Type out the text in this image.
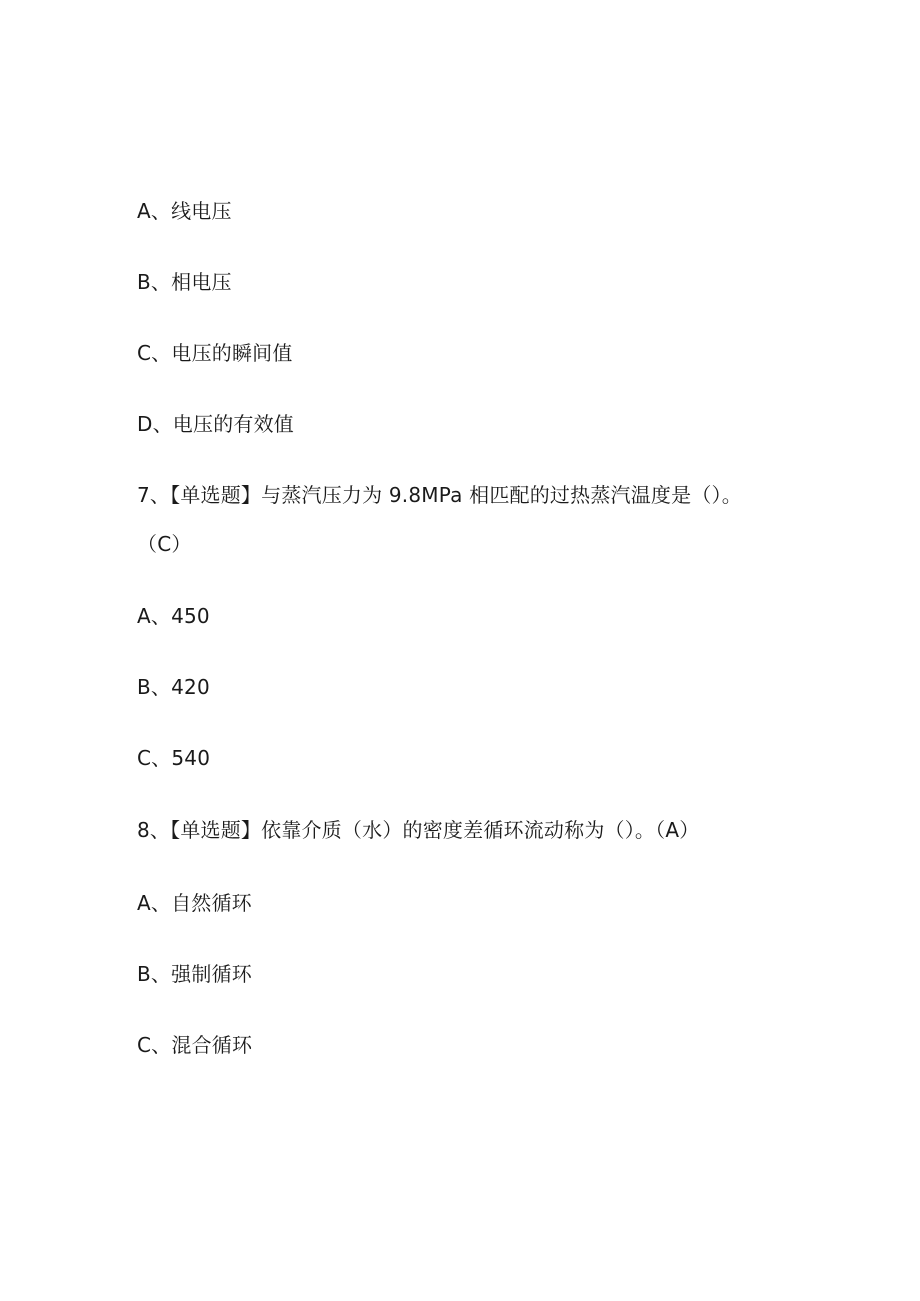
A、线电压
B、相电压
C、电压的瞬间值
D、电压的有效值
7、【单选题】与蒸汽压力为 9.8MPa 相匹配的过热蒸汽温度是（）。
（C）
A、450
B、420
C、540
8、【单选题】依靠介质（水）的密度差循环流动称为（）。（A）
A、自然循环
B、强制循环
C、混合循环
